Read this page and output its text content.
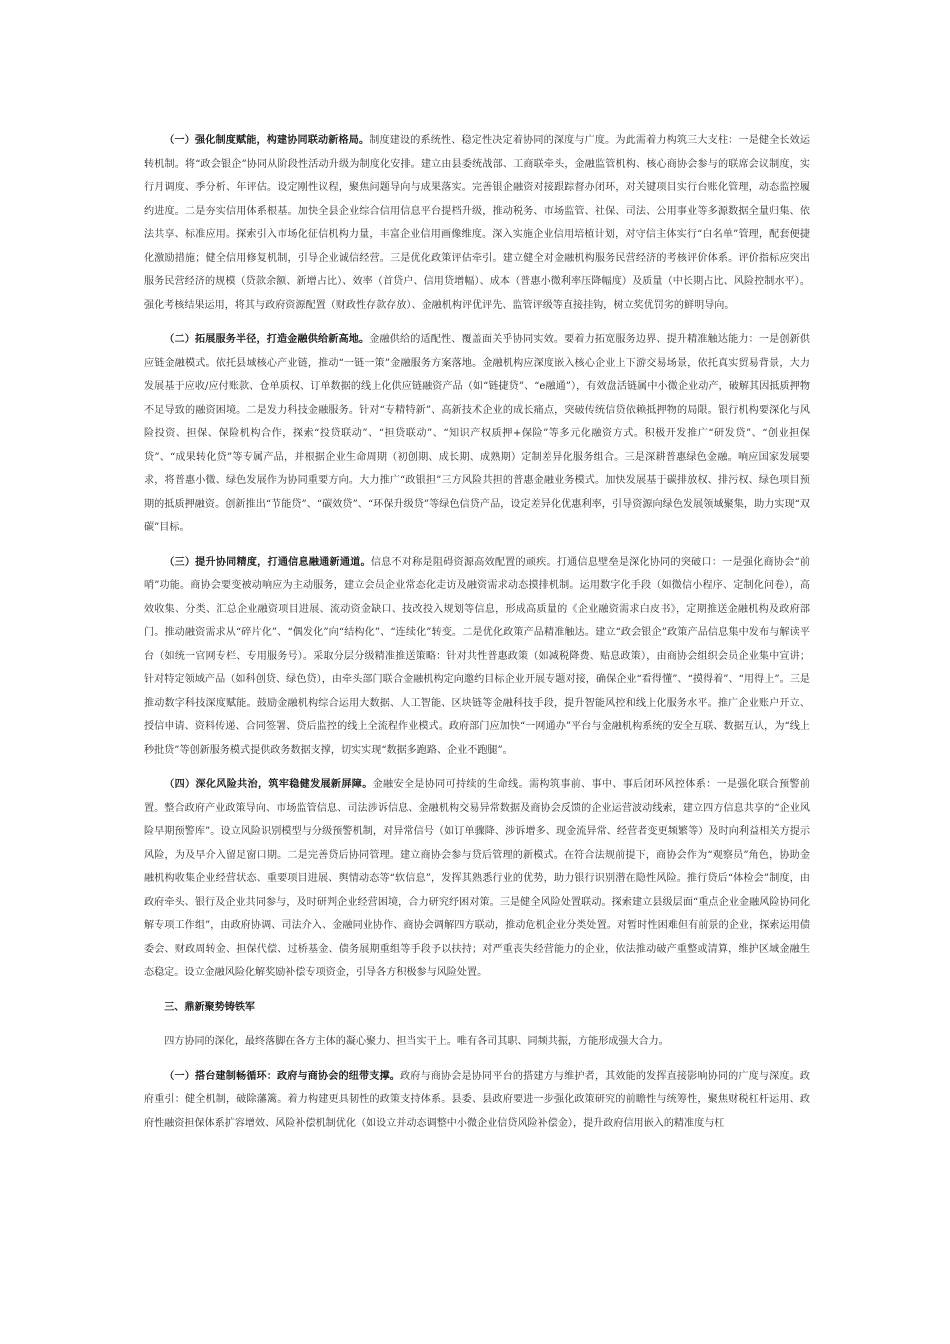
（一）强化制度赋能，构建协同联动新格局。制度建设的系统性、稳定性决定着协同的深度与广度。为此需着力构筑三大支柱：一是健全长效运转机制。将“政会银企”协同从阶段性活动升级为制度化安排。建立由县委统战部、工商联牵头，金融监管机构、核心商协会参与的联席会议制度，实行月调度、季分析、年评估。设定刚性议程，聚焦问题导向与成果落实。完善银企融资对接跟踪督办闭环，对关键项目实行台账化管理，动态监控履约进度。二是夯实信用体系根基。加快全县企业综合信用信息平台提档升级，推动税务、市场监管、社保、司法、公用事业等多源数据全量归集、依法共享、标准应用。探索引入市场化征信机构力量，丰富企业信用画像维度。深入实施企业信用培植计划，对守信主体实行“白名单”管理，配套便捷化激励措施；健全信用修复机制，引导企业诚信经营。三是优化政策评估牵引。建立健全对金融机构服务民营经济的考核评价体系。评价指标应突出服务民营经济的规模（贷款余额、新增占比）、效率（首贷户、信用贷增幅）、成本（普惠小微利率压降幅度）及质量（中长期占比、风险控制水平）。强化考核结果运用，将其与政府资源配置（财政性存款存放）、金融机构评优评先、监管评级等直接挂钩，树立奖优罚劣的鲜明导向。

（二）拓展服务半径，打造金融供给新高地。金融供给的适配性、覆盖面关乎协同实效。要着力拓宽服务边界、提升精准触达能力：一是创新供应链金融模式。依托县域核心产业链，推动“一链一策”金融服务方案落地。金融机构应深度嵌入核心企业上下游交易场景，依托真实贸易背景，大力发展基于应收/应付账款、仓单质权、订单数据的线上化供应链融资产品（如“链捷贷”、“e融通”），有效盘活链属中小微企业动产，破解其因抵质押物不足导致的融资困境。二是发力科技金融服务。针对“专精特新”、高新技术企业的成长痛点，突破传统信贷依赖抵押物的局限。银行机构要深化与风险投资、担保、保险机构合作，探索“投贷联动”、“担贷联动”、“知识产权质押+保险”等多元化融资方式。积极开发推广“研发贷”、“创业担保贷”、“成果转化贷”等专属产品，并根据企业生命周期（初创期、成长期、成熟期）定制差异化服务组合。三是深耕普惠绿色金融。响应国家发展要求，将普惠小微、绿色发展作为协同重要方向。大力推广“政银担”三方风险共担的普惠金融业务模式。加快发展基于碳排放权、排污权、绿色项目预期的抵质押融资。创新推出“节能贷”、“碳效贷”、“环保升级贷”等绿色信贷产品，设定差异化优惠利率，引导资源向绿色发展领域聚集，助力实现“双碳”目标。

（三）提升协同精度，打通信息融通新通道。信息不对称是阻碍资源高效配置的顽疾。打通信息壁垒是深化协同的突破口：一是强化商协会“前哨”功能。商协会要变被动响应为主动服务，建立会员企业常态化走访及融资需求动态摸排机制。运用数字化手段（如微信小程序、定制化问卷），高效收集、分类、汇总企业融资项目进展、流动资金缺口、技改投入规划等信息，形成高质量的《企业融资需求白皮书》，定期推送金融机构及政府部门。推动融资需求从“碎片化”、“偶发化”向“结构化”、“连续化”转变。二是优化政策产品精准触达。建立“政会银企”政策产品信息集中发布与解读平台（如统一官网专栏、专用服务号）。采取分层分级精准推送策略：针对共性普惠政策（如减税降费、贴息政策），由商协会组织会员企业集中宣讲；针对特定领域产品（如科创贷、绿色贷），由牵头部门联合金融机构定向邀约目标企业开展专题对接，确保企业“看得懂”、“摸得着”、“用得上”。三是推动数字科技深度赋能。鼓励金融机构综合运用大数据、人工智能、区块链等金融科技手段，提升智能风控和线上化服务水平。推广企业账户开立、授信申请、资料传递、合同签署、贷后监控的线上全流程作业模式。政府部门应加快“一网通办”平台与金融机构系统的安全互联、数据互认，为“线上秒批贷”等创新服务模式提供政务数据支撑，切实实现“数据多跑路、企业不跑腿”。

（四）深化风险共治，筑牢稳健发展新屏障。金融安全是协同可持续的生命线。需构筑事前、事中、事后闭环风控体系：一是强化联合预警前置。整合政府产业政策导向、市场监管信息、司法涉诉信息、金融机构交易异常数据及商协会反馈的企业运营波动线索，建立四方信息共享的“企业风险早期预警库”。设立风险识别模型与分级预警机制，对异常信号（如订单骤降、涉诉增多、现金流异常、经营者变更频繁等）及时向利益相关方提示风险，为及早介入留足窗口期。二是完善贷后协同管理。建立商协会参与贷后管理的新模式。在符合法规前提下，商协会作为“观察员”角色，协助金融机构收集企业经营状态、重要项目进展、舆情动态等“软信息”，发挥其熟悉行业的优势，助力银行识别潜在隐性风险。推行贷后“体检会”制度，由政府牵头、银行及企业共同参与，及时研判企业经营困境，合力研究纾困对策。三是健全风险处置联动。探索建立县级层面“重点企业金融风险协同化解专项工作组”，由政府协调、司法介入、金融同业协作、商协会调解四方联动，推动危机企业分类处置。对暂时性困难但有前景的企业，探索运用债委会、财政周转金、担保代偿、过桥基金、债务展期重组等手段予以扶持；对严重丧失经营能力的企业，依法推动破产重整或清算，维护区域金融生态稳定。设立金融风险化解奖励补偿专项资金，引导各方积极参与风险处置。

三、鼎新聚势铸铁军

四方协同的深化，最终落脚在各方主体的凝心聚力、担当实干上。唯有各司其职、同频共振，方能形成强大合力。

（一）搭台建制畅循环：政府与商协会的纽带支撑。政府与商协会是协同平台的搭建方与维护者，其效能的发挥直接影响协同的广度与深度。政府重引：健全机制，破除藩篱。着力构建更具韧性的政策支持体系。县委、县政府要进一步强化政策研究的前瞻性与统筹性，聚焦财税杠杆运用、政府性融资担保体系扩容增效、风险补偿机制优化（如设立并动态调整中小微企业信贷风险补偿金），提升政府信用嵌入的精准度与杠
